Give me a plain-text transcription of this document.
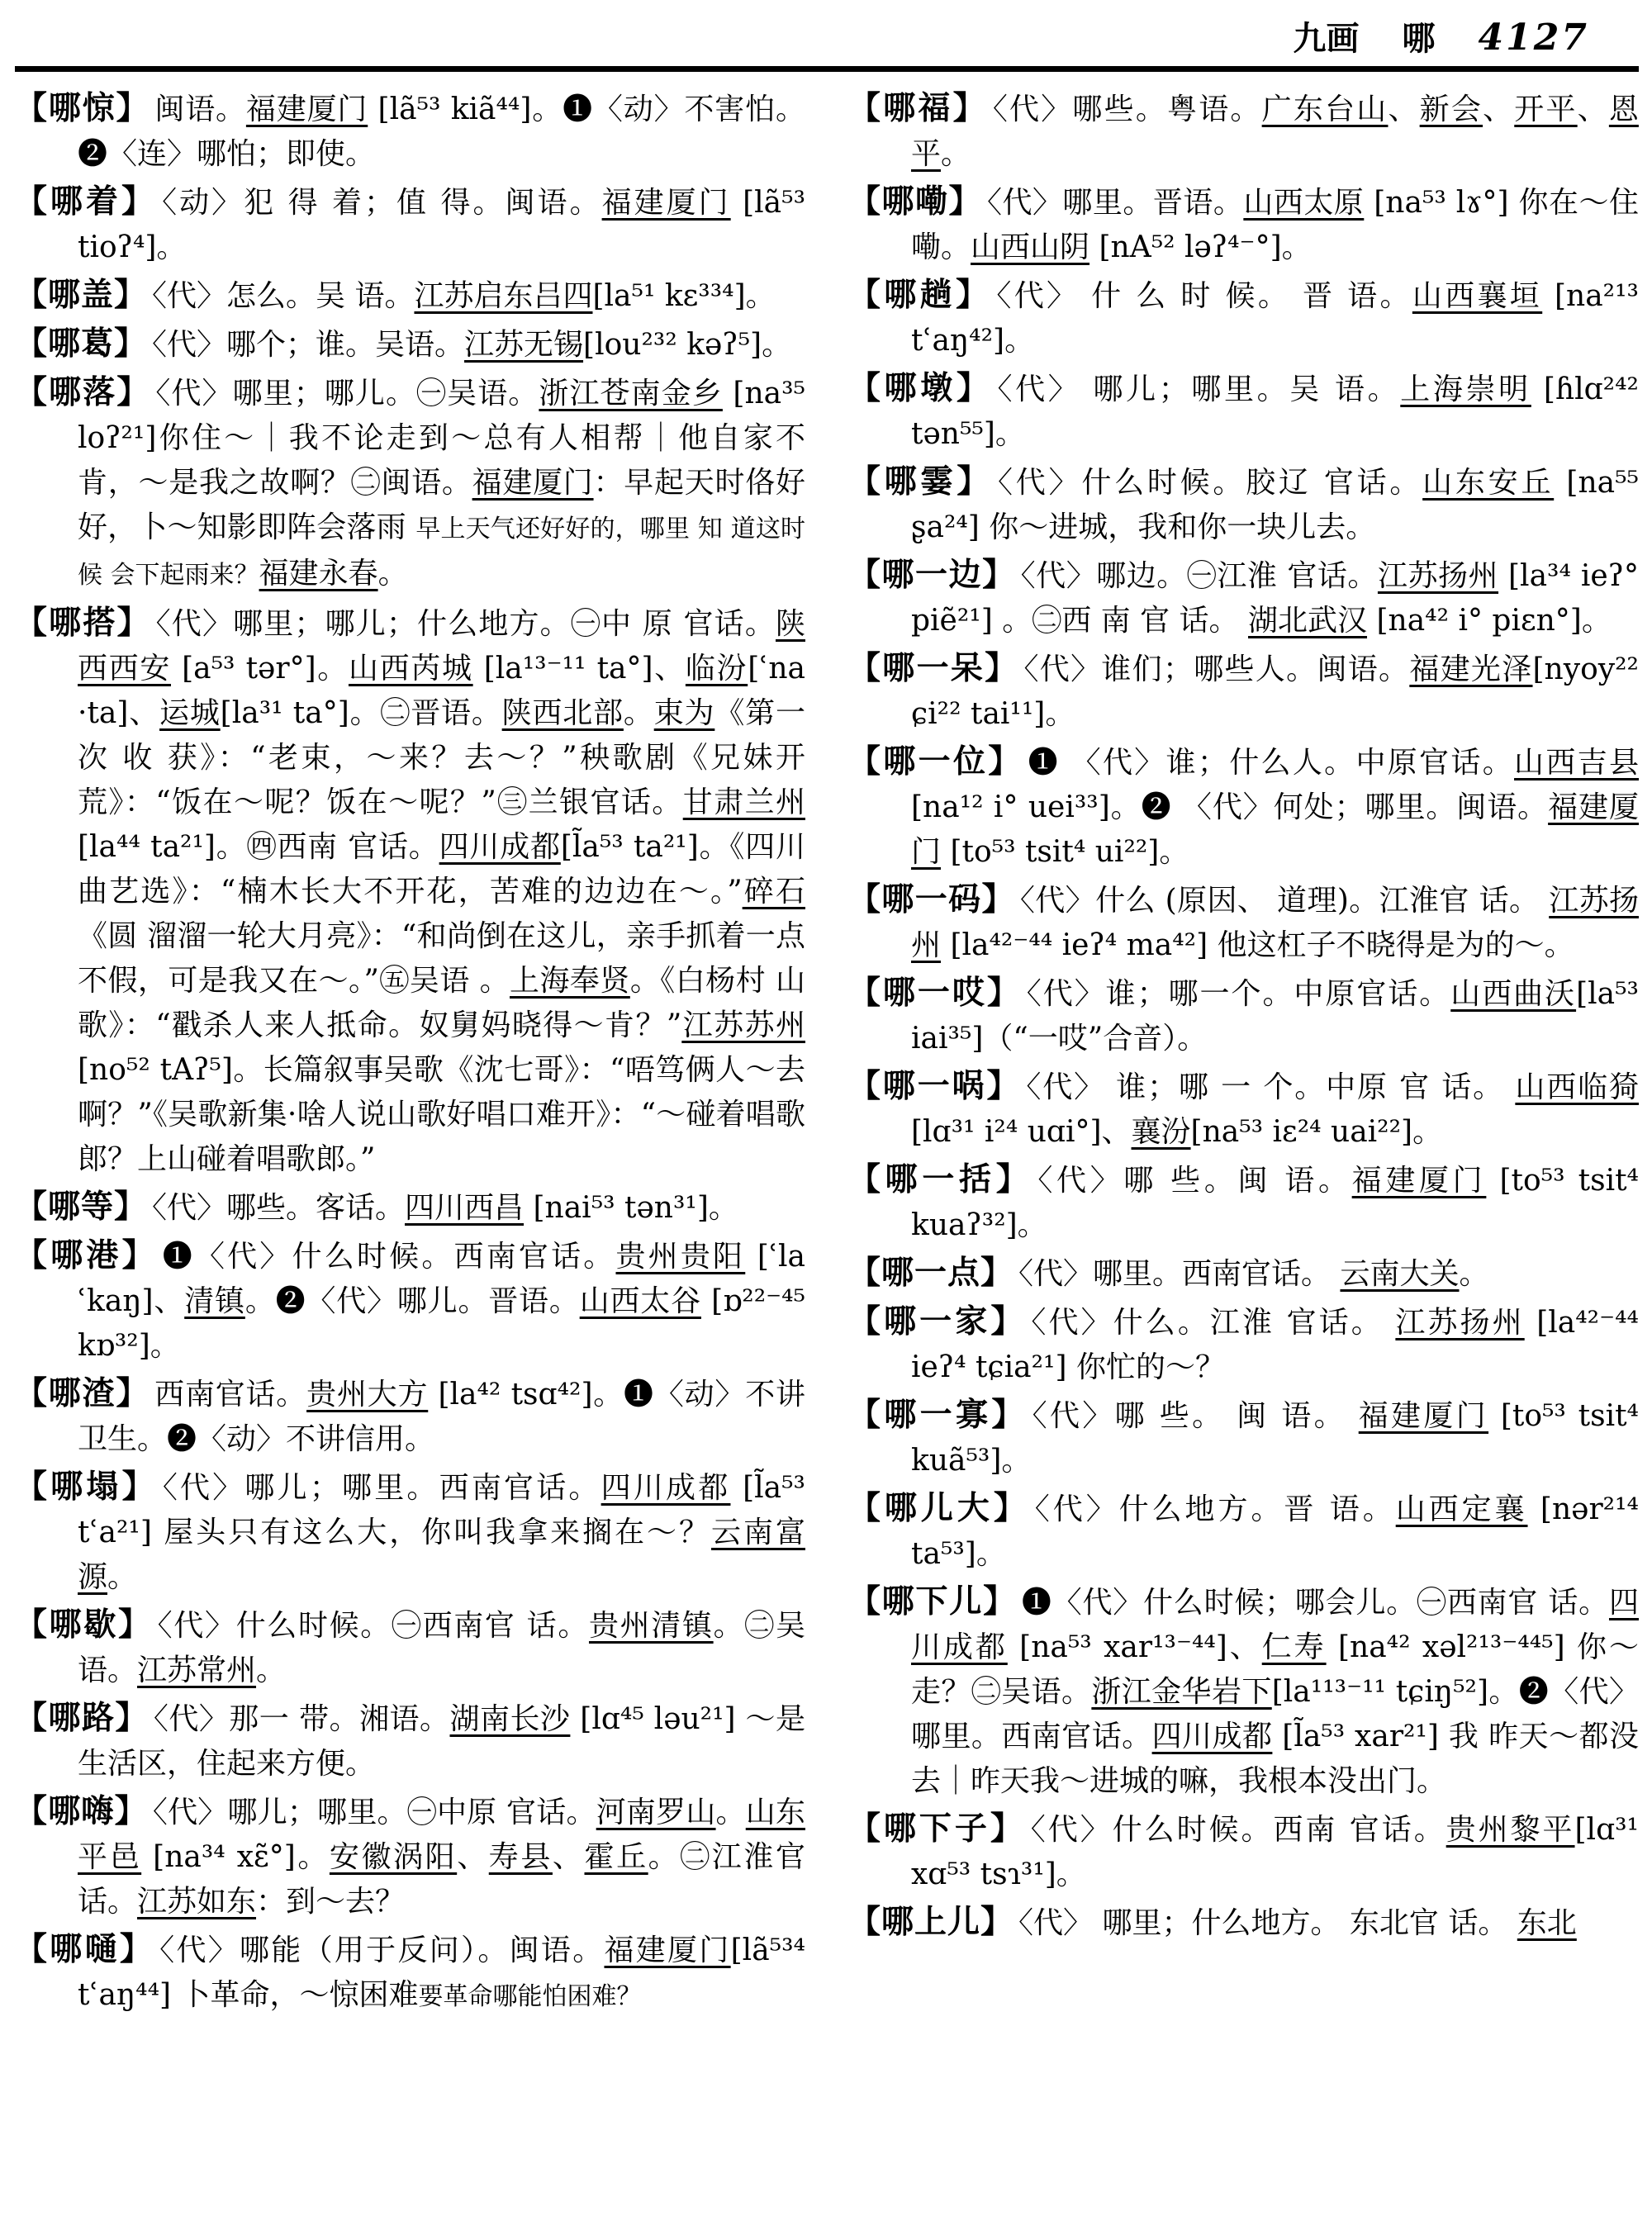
九画 哪 4127
【哪惊】 闽语。福建厦门 [lã⁵³ kiã⁴⁴]。❶〈动〉不害怕。❷〈连〉哪怕；即使。
【哪着】 〈动〉犯 得 着；值 得。闽语。福建厦门 [lã⁵³ tioʔ⁴]。
【哪盖】 〈代〉怎么。吴 语。江苏启东吕四[la⁵¹ kɛ³³⁴]。
【哪葛】 〈代〉哪个；谁。吴语。江苏无锡[lou²³² kəʔ⁵]。
【哪落】 〈代〉哪里；哪儿。㊀吴语。浙江苍南金乡 [na³⁵ loʔ²¹]你住～｜我不论走到～总有人相帮｜他自家不肯，～是我之故啊？㊁闽语。福建厦门：早起天时佫好好，卜～知影即阵会落雨 早上天气还好好的，哪里 知 道这时候 会下起雨来？福建永春。
【哪搭】 〈代〉哪里；哪儿；什么地方。㊀中 原 官话。陕西西安 [a⁵³ tər°]。山西芮城 [la¹³⁻¹¹ ta°]、临汾[ʿna ·ta]、运城[la³¹ ta°]。㊁晋语。陕西北部。束为《第一次 收 获》：“老束，～来？去～？”秧歌剧《兄妹开荒》：“饭在～呢？饭在～呢？”㊂兰银官话。甘肃兰州[la⁴⁴ ta²¹]。㊃西南 官话。四川成都[l̃a⁵³ ta²¹]。《四川曲艺选》：“楠木长大不开花，苦难的边边在～。”碎石《圆 溜溜一轮大月亮》：“和尚倒在这儿，亲手抓着一点不假，可是我又在～。”㊄吴语 。上海奉贤。《白杨村 山歌》：“戳杀人来人抵命。奴舅妈晓得～肯？”江苏苏州[no⁵² tAʔ⁵]。长篇叙事吴歌《沈七哥》：“唔笃俩人～去 啊？”《吴歌新集·啥人说山歌好唱口难开》：“～碰着唱歌郎？上山碰着唱歌郎。”
【哪等】 〈代〉哪些。客话。四川西昌 [nai⁵³ tən³¹]。
【哪港】 ❶〈代〉什么时候。西南官话。贵州贵阳 [ʿla ʿkaŋ]、清镇。❷〈代〉哪儿。晋语。山西太谷 [ɒ²²⁻⁴⁵ kɒ³²]。
【哪渣】 西南官话。贵州大方 [la⁴² tsɑ⁴²]。❶〈动〉不讲卫生。❷〈动〉不讲信用。
【哪塌】 〈代〉哪儿；哪里。西南官话。四川成都 [l̃a⁵³ tʿa²¹] 屋头只有这么大，你叫我拿来搁在～？云南富源。
【哪歇】 〈代〉什么时候。㊀西南官 话。贵州清镇。㊁吴语。江苏常州。
【哪路】 〈代〉那一 带。湘语。湖南长沙 [lɑ⁴⁵ ləu²¹] ～是生活区，住起来方便。
【哪嗨】 〈代〉哪儿；哪里。㊀中原 官话。河南罗山。山东平邑 [na³⁴ xɛ̃°]。安徽涡阳、寿县、霍丘。㊁江淮官话。江苏如东：到～去？
【哪嗵】 〈代〉哪能（用于反问）。闽语。福建厦门[lã⁵³⁴ tʿaŋ⁴⁴] 卜革命，～惊困难要革命哪能怕困难？
【哪福】 〈代〉哪些。粤语。广东台山、新会、开平、恩平。
【哪嘞】 〈代〉哪里。晋语。山西太原 [na⁵³ lɤ°] 你在～住嘞。山西山阴 [nA⁵² ləʔ⁴⁻°]。
【哪趟】 〈代〉 什 么 时 候。 晋 语。山西襄垣 [na²¹³ tʿaŋ⁴²]。
【哪墩】 〈代〉 哪儿；哪里。吴 语。上海崇明 [ɦlɑ²⁴² tən⁵⁵]。
【哪霎】 〈代〉什么时候。胶辽 官话。山东安丘 [na⁵⁵ ʂa²⁴] 你～进城，我和你一块儿去。
【哪一边】 〈代〉哪边。㊀江淮 官话。江苏扬州 [la³⁴ ieʔ° piẽ²¹] 。㊁西 南 官 话。 湖北武汉 [na⁴² i° piɛn°]。
【哪一呆】 〈代〉谁们；哪些人。闽语。福建光泽[nyoy²² ɕi²² tai¹¹]。
【哪一位】 ❶ 〈代〉谁；什么人。中原官话。山西吉县 [na¹² i° uei³³]。❷ 〈代〉何处；哪里。闽语。福建厦门 [to⁵³ tsit⁴ ui²²]。
【哪一码】 〈代〉什么 (原因、 道理)。江淮官 话。 江苏扬州 [la⁴²⁻⁴⁴ ieʔ⁴ ma⁴²] 他这杠子不晓得是为的～。
【哪一哎】 〈代〉谁；哪一个。中原官话。山西曲沃[la⁵³ iai³⁵]（“一哎”合音）。
【哪一㖞】 〈代〉 谁；哪 一 个。中原 官 话。 山西临猗 [lɑ³¹ i²⁴ uɑi°]、襄汾[na⁵³ iɛ²⁴ uai²²]。
【哪一括】 〈代〉哪 些。闽 语。福建厦门 [to⁵³ tsit⁴ kuaʔ³²]。
【哪一点】 〈代〉哪里。西南官话。 云南大关。
【哪一家】 〈代〉什么。江淮 官话。 江苏扬州 [la⁴²⁻⁴⁴ ieʔ⁴ tɕia²¹] 你忙的～？
【哪一寡】 〈代〉哪 些。 闽 语。 福建厦门 [to⁵³ tsit⁴ kuã⁵³]。
【哪儿大】 〈代〉什么地方。晋 语。山西定襄 [nər²¹⁴ ta⁵³]。
【哪下儿】 ❶〈代〉什么时候；哪会儿。㊀西南官 话。四川成都 [na⁵³ xar¹³⁻⁴⁴]、仁寿 [na⁴² xəl²¹³⁻⁴⁴⁵] 你～走？㊁吴语。浙江金华岩下[la¹¹³⁻¹¹ tɕiŋ⁵²]。❷〈代〉哪里。西南官话。四川成都 [l̃a⁵³ xar²¹] 我 昨天～都没去｜昨天我～进城的嘛，我根本没出门。
【哪下子】 〈代〉什么时候。西南 官话。贵州黎平[lɑ³¹ xɑ⁵³ tsɿ³¹]。
【哪上儿】 〈代〉 哪里；什么地方。 东北官 话。 东北
